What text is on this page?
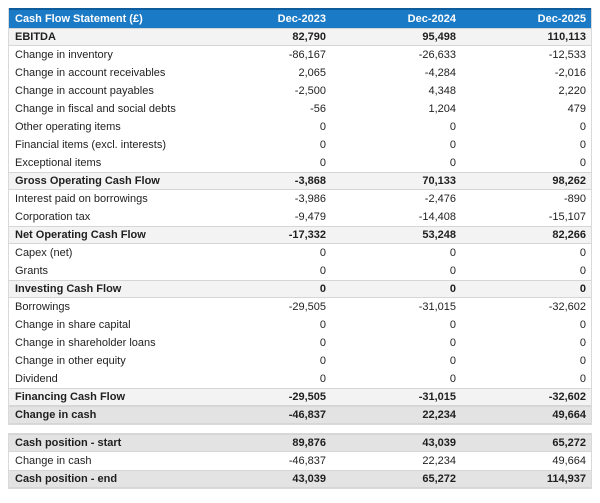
Cash Flow Statement (£)	Dec-2023	Dec-2024	Dec-2025
EBITDA	82,790	95,498	110,113
Change in inventory	-86,167	-26,633	-12,533
Change in account receivables	2,065	-4,284	-2,016
Change in account payables	-2,500	4,348	2,220
Change in fiscal and social debts	-56	1,204	479
Other operating items	0	0	0
Financial items (excl. interests)	0	0	0
Exceptional items	0	0	0
Gross Operating Cash Flow	-3,868	70,133	98,262
Interest paid on borrowings	-3,986	-2,476	-890
Corporation tax	-9,479	-14,408	-15,107
Net Operating Cash Flow	-17,332	53,248	82,266
Capex (net)	0	0	0
Grants	0	0	0
Investing Cash Flow	0	0	0
Borrowings	-29,505	-31,015	-32,602
Change in share capital	0	0	0
Change in shareholder loans	0	0	0
Change in other equity	0	0	0
Dividend	0	0	0
Financing Cash Flow	-29,505	-31,015	-32,602
Change in cash	-46,837	22,234	49,664
Cash position - start	89,876	43,039	65,272
Change in cash	-46,837	22,234	49,664
Cash position - end	43,039	65,272	114,937
